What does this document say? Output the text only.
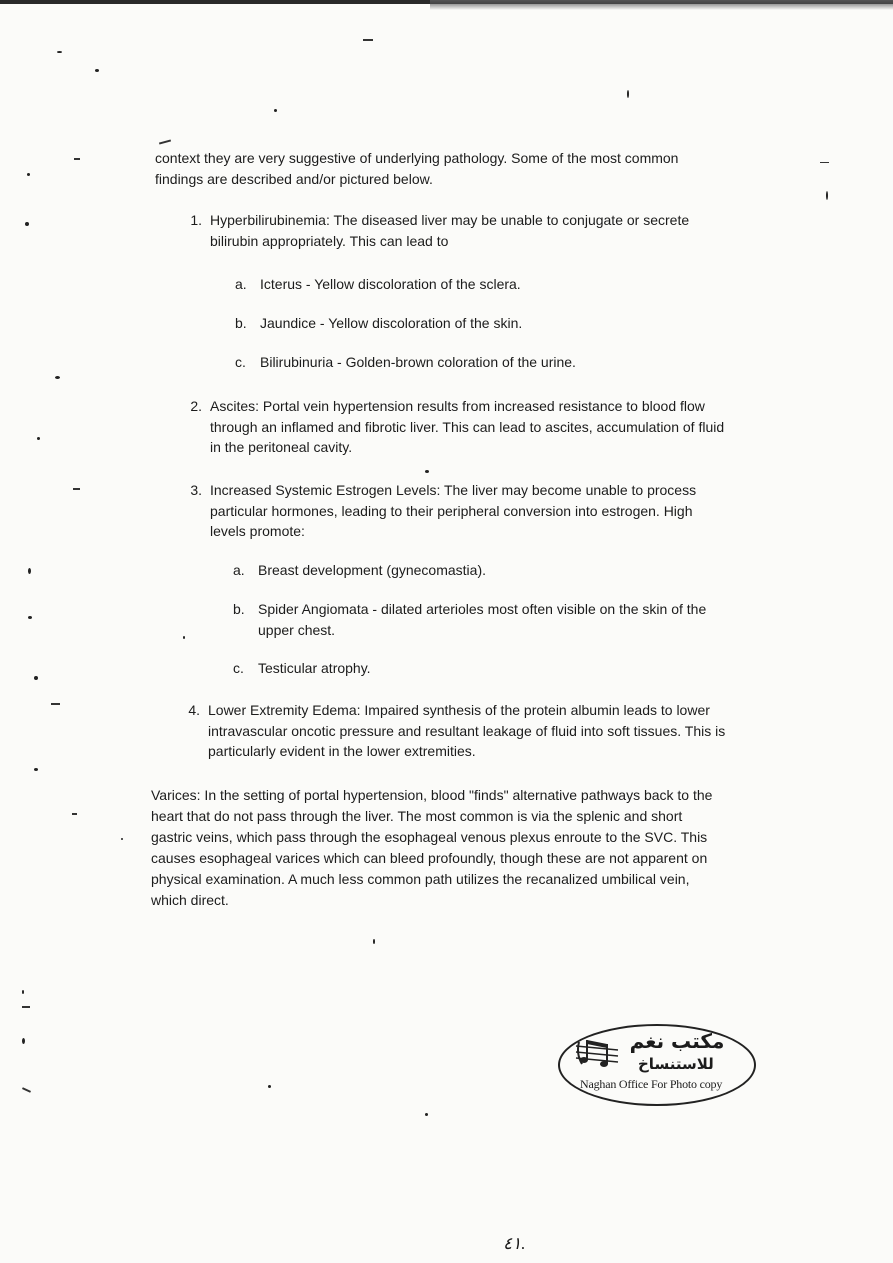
context they are very suggestive of underlying pathology. Some of the most common
findings are described and/or pictured below.
1. Hyperbilirubinemia: The diseased liver may be unable to conjugate or secrete
bilirubin appropriately. This can lead to
a. Icterus - Yellow discoloration of the sclera.
b. Jaundice - Yellow discoloration of the skin.
c.	Bilirubinuria - Golden-brown coloration of the urine.
2. Ascites: Portal vein hypertension results from increased resistance to blood flow
through an inflamed and fibrotic liver. This can lead to ascites, accumulation of fluid
in the peritoneal cavity.
3. Increased Systemic Estrogen Levels: The liver may become unable to process
particular hormones, leading to their peripheral conversion into estrogen. High
levels promote:
a. Breast development (gynecomastia).
b. Spider Angiomata - dilated arterioles most often visible on the skin of the
upper chest.
c.	Testicular atrophy.
4. Lower Extremity Edema: Impaired synthesis of the protein albumin leads to lower
intravascular oncotic pressure and resultant leakage of fluid into soft tissues. This is
particularly evident in the lower extremities.
Varices: In the setting of portal hypertension, blood "finds" alternative pathways back to the
heart that do not pass through the liver. The most common is via the splenic and short
gastric veins, which pass through the esophageal venous plexus enroute to the SVC. This
causes esophageal varices which can bleed profoundly, though these are not apparent on
physical examination. A much less common path utilizes the recanalized umbilical vein,
which direct.
مكتب نغم
للاستنساخ
Naghan Office For Photo copy
٤١.
